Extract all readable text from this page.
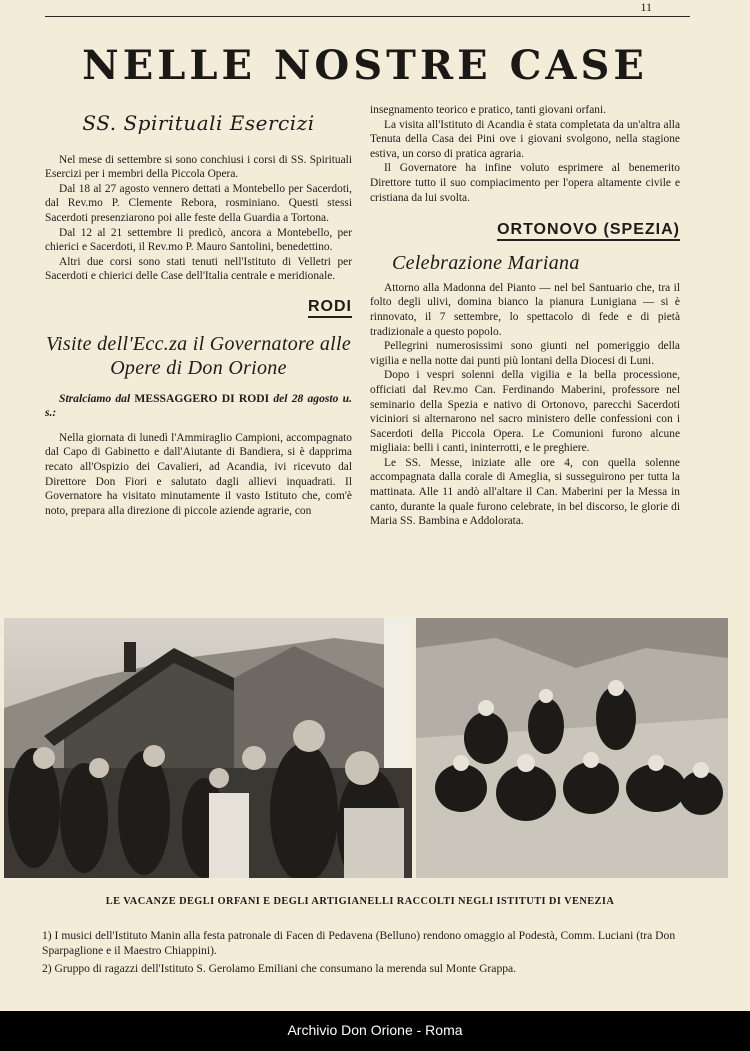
11
NELLE NOSTRE CASE
SS. Spirituali Esercizi

Nel mese di settembre si sono conchiusi i corsi di SS. Spirituali Esercizi per i membri della Piccola Opera.

Dal 18 al 27 agosto vennero dettati a Montebello per Sacerdoti, dal Rev.mo P. Clemente Rebora, rosminiano. Questi stessi Sacerdoti presenziarono poi alle feste della Guardia a Tortona.

Dal 12 al 21 settembre li predicò, ancora a Montebello, per chierici e Sacerdoti, il Rev.mo P. Mauro Santolini, benedettino.

Altri due corsi sono stati tenuti nell'Istituto di Velletri per Sacerdoti e chierici delle Case dell'Italia centrale e meridionale.

RODI
Visite dell'Ecc.za il Governatore alle
Opere di Don Orione

Stralciamo dal MESSAGGERO DI RODI del 28 agosto u. s.:

Nella giornata di lunedì l'Ammiraglio Campioni, accompagnato dal Capo di Gabinetto e dall'Aiutante di Bandiera, si è dapprima recato all'Ospizio dei Cavalieri, ad Acandia, ivi ricevuto dal Direttore Don Fiori e salutato dagli allievi inquadrati. Il Governatore ha visitato minutamente il vasto Istituto che, com'è noto, prepara alla direzione di piccole aziende agrarie, con

insegnamento teorico e pratico, tanti giovani orfani.

La visita all'Istituto di Acandia è stata completata da un'altra alla Tenuta della Casa dei Pini ove i giovani svolgono, nella stagione estiva, un corso di pratica agraria.

Il Governatore ha infine voluto esprimere al benemerito Direttore tutto il suo compiacimento per l'opera altamente civile e cristiana da lui svolta.

ORTONOVO (SPEZIA)
Celebrazione Mariana

Attorno alla Madonna del Pianto — nel bel Santuario che, tra il folto degli ulivi, domina bianco la pianura Lunigiana — si è rinnovato, il 7 settembre, lo spettacolo di fede e di pietà tradizionale a questo popolo.

Pellegrini numerosissimi sono giunti nel pomeriggio della vigilia e nella notte dai punti più lontani della Diocesi di Luni.

Dopo i vespri solenni della vigilia e la bella processione, officiati dal Rev.mo Can. Ferdinando Maberini, professore nel seminario della Spezia e nativo di Ortonovo, parecchi Sacerdoti viciniori si alternarono nel sacro ministero delle confessioni con i Sacerdoti della Piccola Opera. Le Comunioni furono alcune migliaia: belli i canti, ininterrotti, e le preghiere.

Le SS. Messe, iniziate alle ore 4, con quella solenne accompagnata dalla corale di Ameglia, si susseguirono per tutta la mattinata. Alle 11 andò all'altare il Can. Maberini per la Messa in canto, durante la quale furono celebrate, in bel discorso, le glorie di Maria SS. Bambina e Addolorata.

LE VACANZE DEGLI ORFANI E DEGLI ARTIGIANELLI RACCOLTI NEGLI ISTITUTI DI VENEZIA

1) I musici dell'Istituto Manin alla festa patronale di Facen di Pedavena (Belluno) rendono omaggio al Podestà, Comm. Luciani (tra Don Sparpaglione e il Maestro Chiappini).

2) Gruppo di ragazzi dell'Istituto S. Gerolamo Emiliani che consumano la merenda sul Monte Grappa.

Archivio Don Orione - Roma
